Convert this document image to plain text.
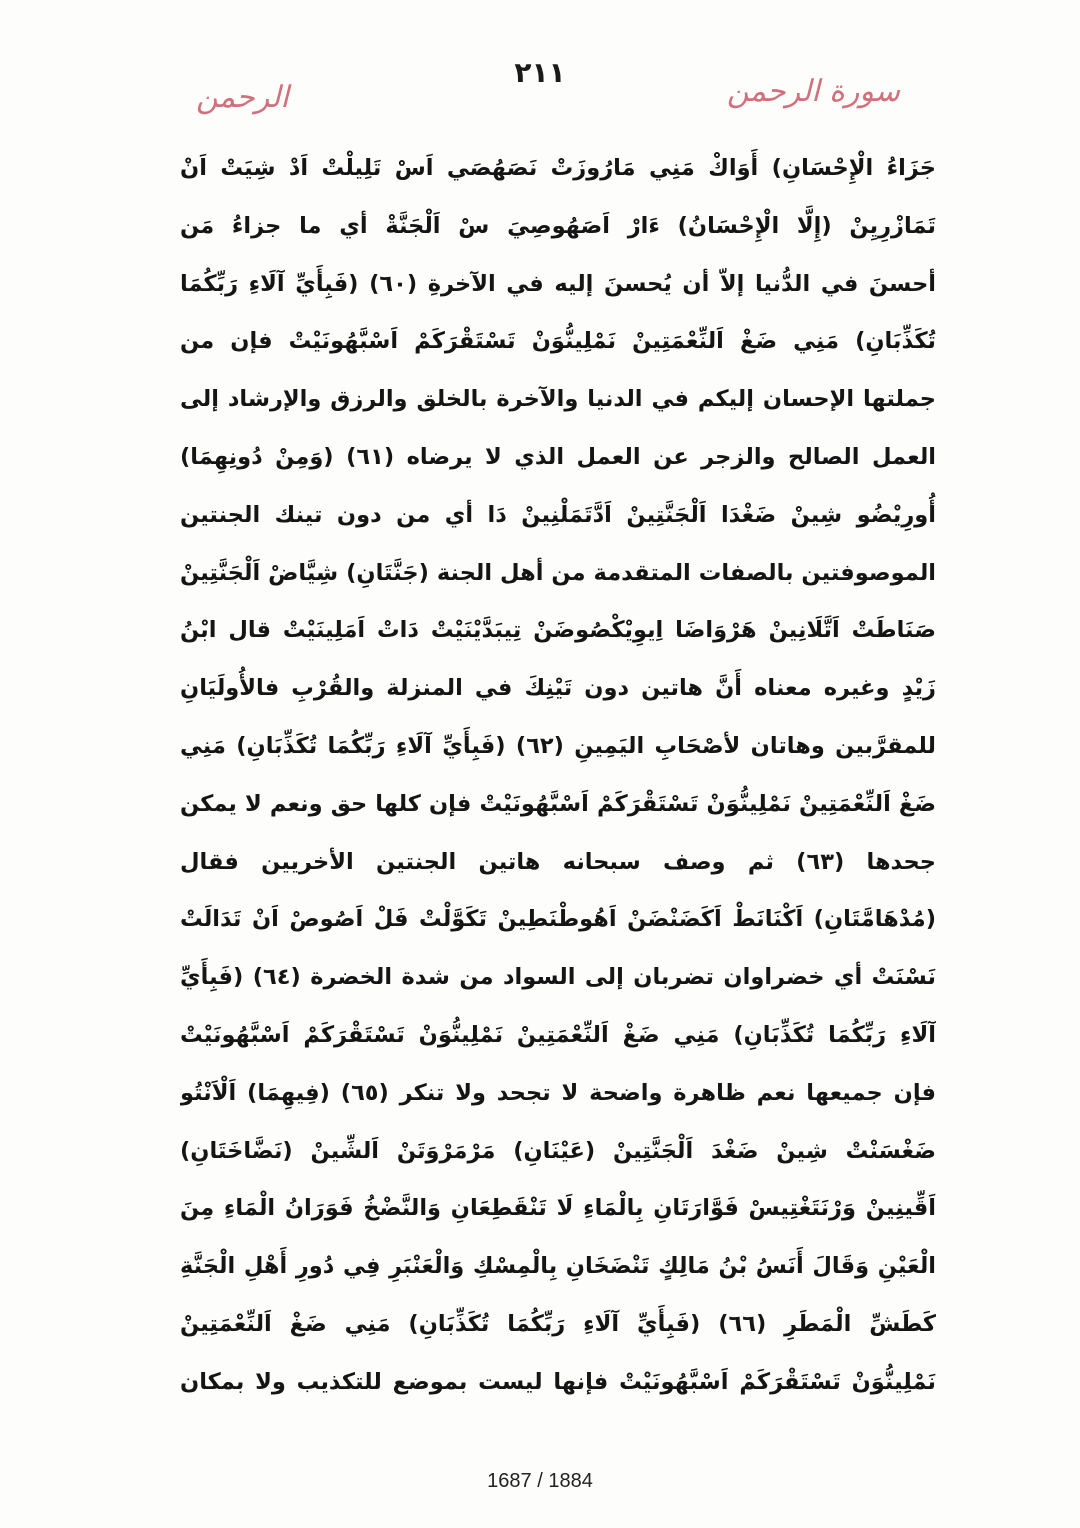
٢١١
سورة الرحمن
الرحمن
جَزَاءُ الْإِحْسَانِ) أَوَاكْ مَنِي مَارُوزَتْ نَصَهُصَي اَسْ تَلِيلْتْ اَدْ شِيَتْ اَنْ
تَمَازْرِيِنْ (إِلَّا الْإِحْسَانُ) ءَارْ اَصَهُوصِيَ سْ اَلْجَنَّةْ أي ما جزاءُ مَن
أحسنَ في الدُّنيا إلاّ أن يُحسنَ إليه في الآخرةِ (٦٠) (فَبِأَيِّ آلَاءِ رَبِّكُمَا
تُكَذِّبَانِ) مَنِي ضَغْ اَلنِّعْمَتِينْ نَمْلِينُّوَنْ تَسْتَقْرَكَمْ اَسْبَّهُونَيْتْ فإن من
جملتها الإحسان إليكم في الدنيا والآخرة بالخلق والرزق والإرشاد إلى
العمل الصالح والزجر عن العمل الذي لا يرضاه (٦١) (وَمِنْ دُونِهِمَا)
أُورِيْضُو شِينْ ضَغْدَا اَلْجَنَّتِينْ اَدَّتَمَلْنِينْ دَا أي من دون تينك الجنتين
الموصوفتين بالصفات المتقدمة من أهل الجنة (جَنَّتَانِ) شِيَّاضْ اَلْجَنَّتِينْ
صَنَاطَتْ اَتَّلَانِينْ هَرْوَاضَا اِيوِيْكْصُوضَنْ تِيبَدَّيْنَيْتْ دَاتْ اَمَلِينَيْتْ قال ابْنُ
زَيْدٍ وغيره معناه أَنَّ هاتين دون تَيْنِكَ في المنزلة والقُرْبِ فالأُولَيَانِ
للمقرَّبين وهاتان لأصْحَابِ اليَمِينِ (٦٢) (فَبِأَيِّ آلَاءِ رَبِّكُمَا تُكَذِّبَانِ) مَنِي
ضَغْ اَلنِّعْمَتِينْ نَمْلِينُّوَنْ تَسْتَقْرَكَمْ اَسْبَّهُونَيْتْ فإن كلها حق ونعم لا يمكن
جحدها (٦٣) ثم وصف سبحانه هاتين الجنتين الأخريين فقال
(مُدْهَامَّتَانِ) اَكْنَانَطْ اَكَضَنْضَنْ اَهُوطْنَطِينْ تَكَوَّلْتْ فَلْ اَصُوصْ اَنْ تَدَالَتْ
نَسْنَتْ أي خضراوان تضربان إلى السواد من شدة الخضرة (٦٤) (فَبِأَيِّ
آلَاءِ رَبِّكُمَا تُكَذِّبَانِ) مَنِي ضَغْ اَلنِّعْمَتِينْ نَمْلِينُّوَنْ تَسْتَقْرَكَمْ اَسْبَّهُونَيْتْ
فإن جميعها نعم ظاهرة واضحة لا تجحد ولا تنكر (٦٥) (فِيهِمَا) اَلْاَنْتُو
ضَغْسَنْتْ شِينْ ضَغْدَ اَلْجَنَّتِينْ (عَيْنَانِ) مَرْمَرْوَتَنْ اَلشِّينْ (نَضَّاخَتَانِ)
اَقِّينِينْ وَرْنَتَغْتِيسْ فَوَّارَتَانِ بِالْمَاءِ لَا تَنْقَطِعَانِ وَالنَّضْخُ فَوَرَانُ الْمَاءِ مِنَ
الْعَيْنِ وَقَالَ أَنَسُ بْنُ مَالِكٍ تَنْضَخَانِ بِالْمِسْكِ وَالْعَنْبَرِ فِي دُورِ أَهْلِ الْجَنَّةِ
كَطَشِّ الْمَطَرِ (٦٦) (فَبِأَيِّ آلَاءِ رَبِّكُمَا تُكَذِّبَانِ) مَنِي ضَغْ اَلنِّعْمَتِينْ
نَمْلِينُّوَنْ تَسْتَقْرَكَمْ اَسْبَّهُونَيْتْ فإنها ليست بموضع للتكذيب ولا بمكان
1687 / 1884
